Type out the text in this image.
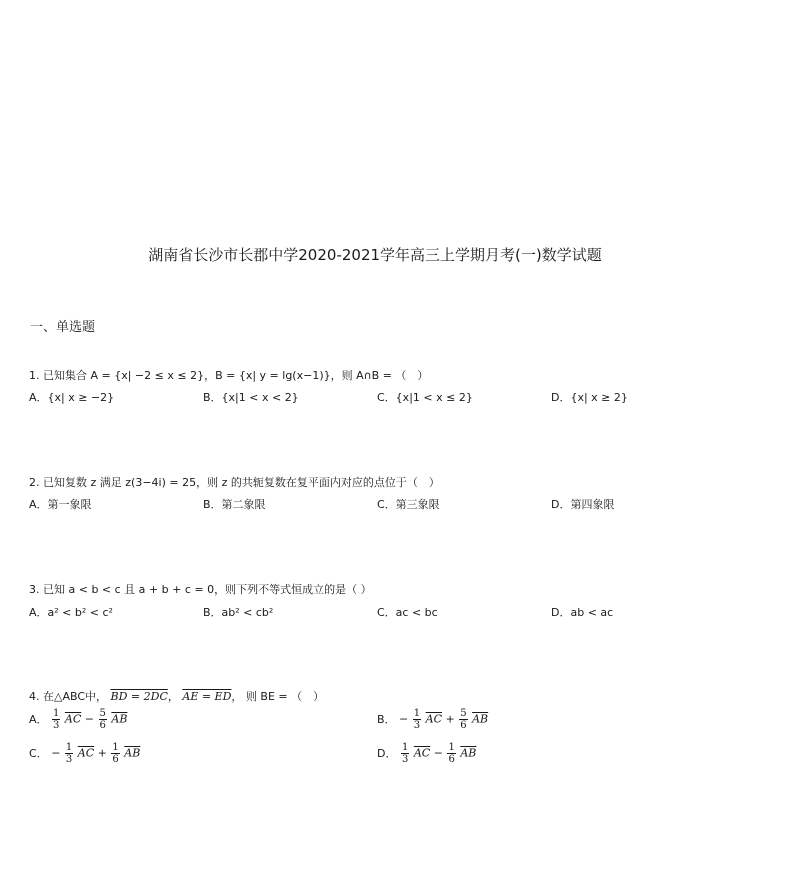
湖南省长沙市长郡中学2020-2021学年高三上学期月考(一)数学试题
一、单选题
1. 已知集合 A = {x| −2 ≤ x ≤ 2}，B = {x| y = lg(x−1)}，则 A∩B = （　）
A．{x| x ≥ −2}	B．{x|1 < x < 2}	C．{x|1 < x ≤ 2}	D．{x| x ≥ 2}
2. 已知复数 z 满足 z(3−4i) = 25，则 z 的共轭复数在复平面内对应的点位于（　）
A．第一象限	B．第二象限	C．第三象限	D．第四象限
3. 已知 a < b < c 且 a + b + c = 0，则下列不等式恒成立的是（ ）
A．a² < b² < c²	B．ab² < cb²	C．ac < bc	D．ab < ac
4. 在△ABC中， BD = 2DC， AE = ED， 则 BE = （　）
A． $\frac{1}{3} \overline{AC} - \frac{5}{6} \overline{AB}$	B． − $\frac{1}{3} \overline{AC} + \frac{5}{6} \overline{AB}$
C． − $\frac{1}{3} \overline{AC} + \frac{1}{6} \overline{AB}$	D． $\frac{1}{3} \overline{AC} - \frac{1}{6} \overline{AB}$
